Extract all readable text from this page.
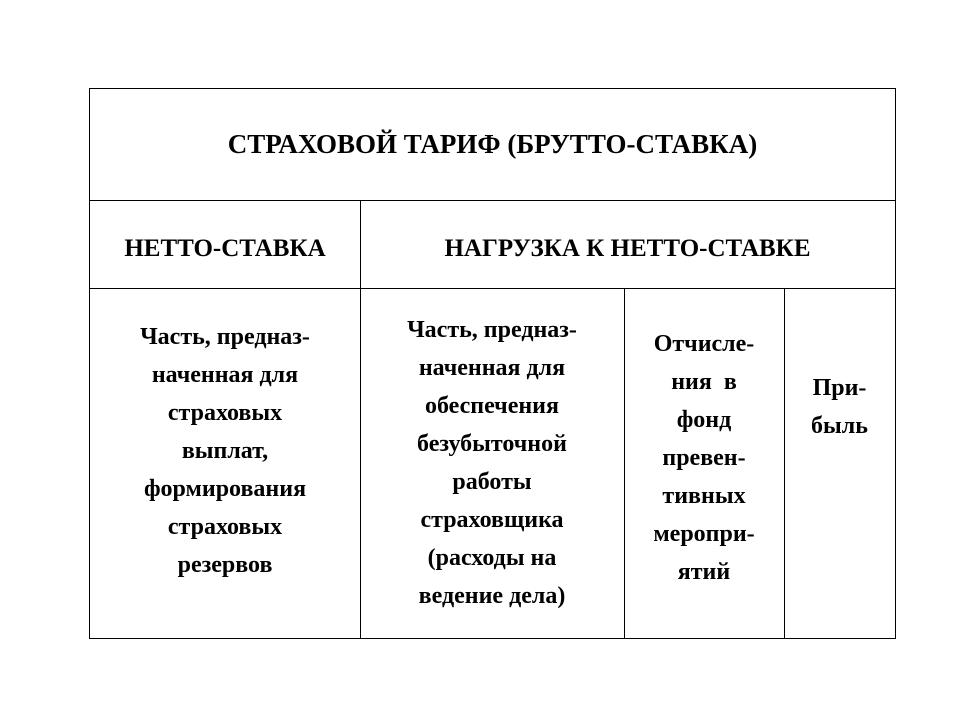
СТРАХОВОЙ ТАРИФ (БРУТТО-СТАВКА)
НЕТТО-СТАВКА	НАГРУЗКА К НЕТТО-СТАВКЕ
Часть, предназ-
наченная для
страховых
выплат,
формирования
страховых
резервов
Часть, предназ-
наченная для
обеспечения
безубыточной
работы
страховщика
(расходы на
ведение дела)
Отчисле-
ния  в
фонд
превен-
тивных
меропри-
ятий
При-
быль
